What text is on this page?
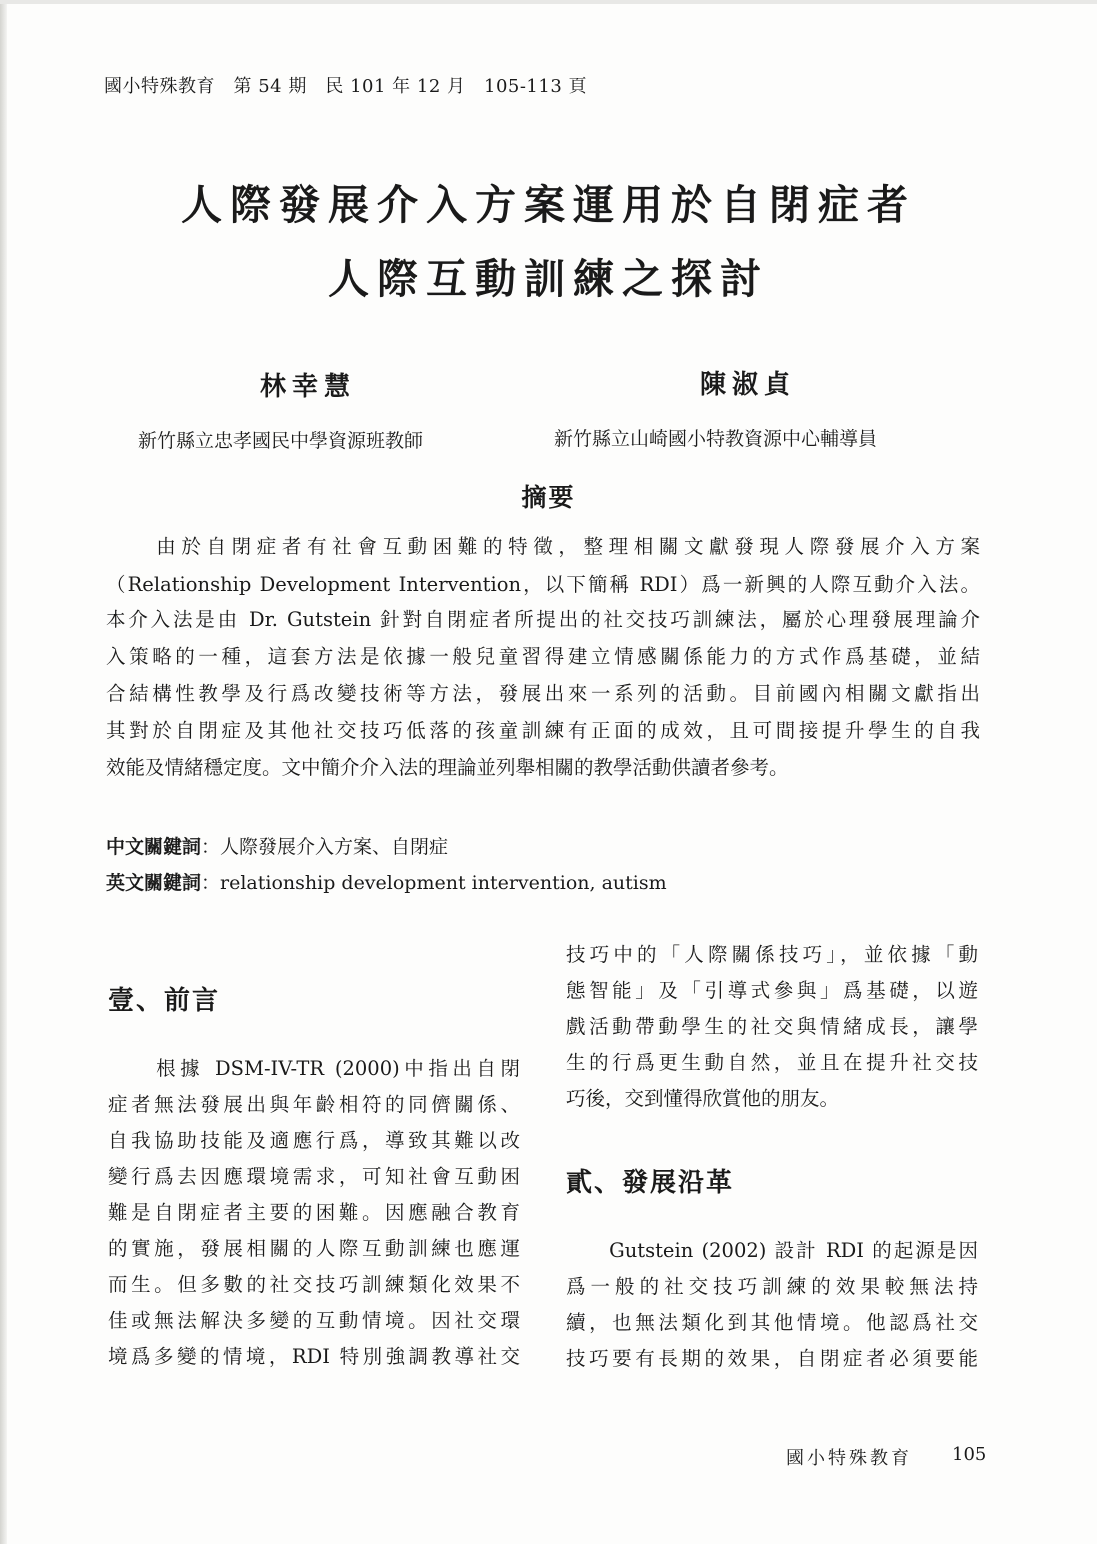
國小特殊教育　第 54 期　民 101 年 12 月　105-113 頁
人際發展介入方案運用於自閉症者
人際互動訓練之探討
林幸慧	陳淑貞
新竹縣立忠孝國民中學資源班教師	新竹縣立山崎國小特教資源中心輔導員
摘要
　　由於自閉症者有社會互動困難的特徵，整理相關文獻發現人際發展介入方案
（Relationship Development Intervention，以下簡稱 RDI）爲一新興的人際互動介入法。
本介入法是由 Dr. Gutstein 針對自閉症者所提出的社交技巧訓練法，屬於心理發展理論介
入策略的一種，這套方法是依據一般兒童習得建立情感關係能力的方式作爲基礎，並結
合結構性教學及行爲改變技術等方法，發展出來一系列的活動。目前國內相關文獻指出
其對於自閉症及其他社交技巧低落的孩童訓練有正面的成效，且可間接提升學生的自我
效能及情緒穩定度。文中簡介介入法的理論並列舉相關的教學活動供讀者參考。
中文關鍵詞：人際發展介入方案、自閉症
英文關鍵詞：relationship development intervention, autism
壹、前言
　　根據 DSM-IV-TR (2000)中指出自閉
症者無法發展出與年齡相符的同儕關係、
自我協助技能及適應行爲，導致其難以改
變行爲去因應環境需求，可知社會互動困
難是自閉症者主要的困難。因應融合教育
的實施，發展相關的人際互動訓練也應運
而生。但多數的社交技巧訓練類化效果不
佳或無法解決多變的互動情境。因社交環
境爲多變的情境，RDI 特別強調教導社交
技巧中的「人際關係技巧」，並依據「動
態智能」及「引導式參與」爲基礎，以遊
戲活動帶動學生的社交與情緒成長，讓學
生的行爲更生動自然，並且在提升社交技
巧後，交到懂得欣賞他的朋友。
貳、發展沿革
　　Gutstein (2002) 設計 RDI 的起源是因
爲一般的社交技巧訓練的效果較無法持
續，也無法類化到其他情境。他認爲社交
技巧要有長期的效果，自閉症者必須要能
國小特殊教育 105
